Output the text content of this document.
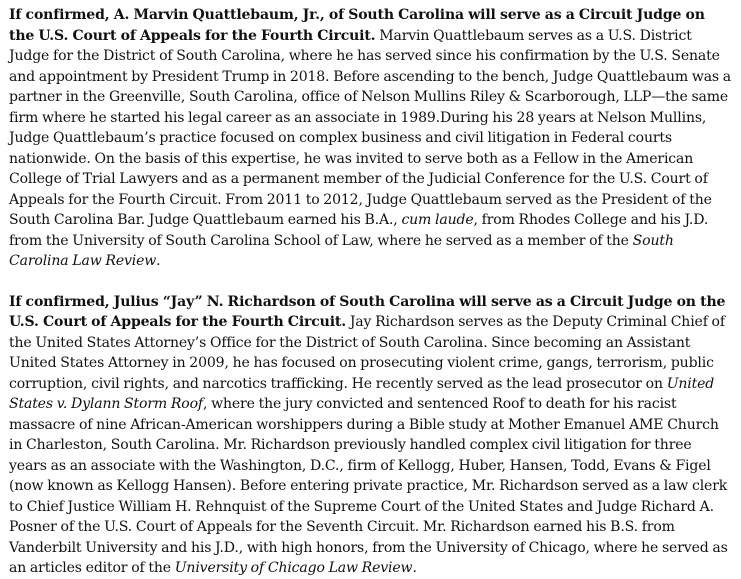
If confirmed, A. Marvin Quattlebaum, Jr., of South Carolina will serve as a Circuit Judge on the U.S. Court of Appeals for the Fourth Circuit. Marvin Quattlebaum serves as a U.S. District Judge for the District of South Carolina, where he has served since his confirmation by the U.S. Senate and appointment by President Trump in 2018. Before ascending to the bench, Judge Quattlebaum was a partner in the Greenville, South Carolina, office of Nelson Mullins Riley & Scarborough, LLP—the same firm where he started his legal career as an associate in 1989.During his 28 years at Nelson Mullins, Judge Quattlebaum’s practice focused on complex business and civil litigation in Federal courts nationwide. On the basis of this expertise, he was invited to serve both as a Fellow in the American College of Trial Lawyers and as a permanent member of the Judicial Conference for the U.S. Court of Appeals for the Fourth Circuit. From 2011 to 2012, Judge Quattlebaum served as the President of the South Carolina Bar. Judge Quattlebaum earned his B.A., cum laude, from Rhodes College and his J.D. from the University of South Carolina School of Law, where he served as a member of the South Carolina Law Review.

If confirmed, Julius “Jay” N. Richardson of South Carolina will serve as a Circuit Judge on the U.S. Court of Appeals for the Fourth Circuit. Jay Richardson serves as the Deputy Criminal Chief of the United States Attorney’s Office for the District of South Carolina. Since becoming an Assistant United States Attorney in 2009, he has focused on prosecuting violent crime, gangs, terrorism, public corruption, civil rights, and narcotics trafficking. He recently served as the lead prosecutor on United States v. Dylann Storm Roof, where the jury convicted and sentenced Roof to death for his racist massacre of nine African-American worshippers during a Bible study at Mother Emanuel AME Church in Charleston, South Carolina. Mr. Richardson previously handled complex civil litigation for three years as an associate with the Washington, D.C., firm of Kellogg, Huber, Hansen, Todd, Evans & Figel (now known as Kellogg Hansen). Before entering private practice, Mr. Richardson served as a law clerk to Chief Justice William H. Rehnquist of the Supreme Court of the United States and Judge Richard A. Posner of the U.S. Court of Appeals for the Seventh Circuit. Mr. Richardson earned his B.S. from Vanderbilt University and his J.D., with high honors, from the University of Chicago, where he served as an articles editor of the University of Chicago Law Review.
